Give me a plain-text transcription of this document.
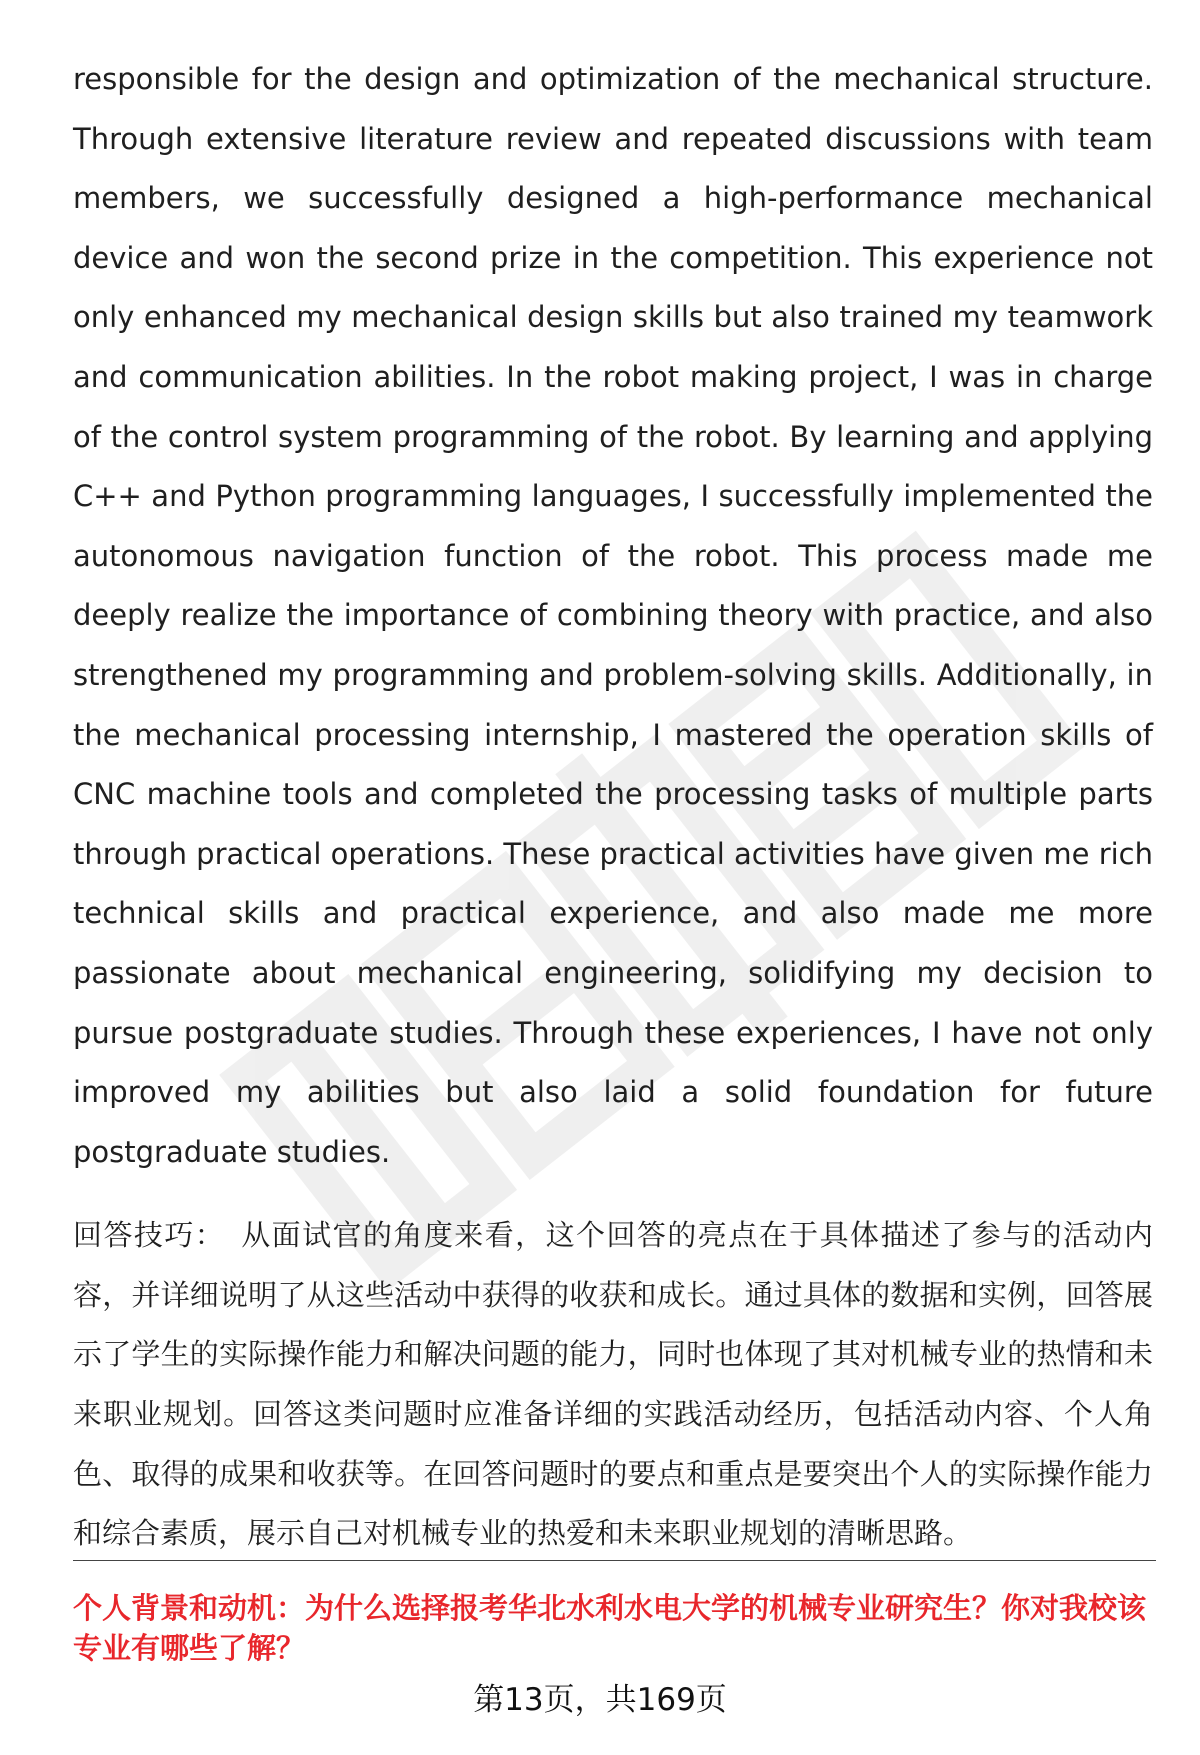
responsible for the design and optimization of the mechanical structure. Through extensive literature review and repeated discussions with team members, we successfully designed a high-performance mechanical device and won the second prize in the competition. This experience not only enhanced my mechanical design skills but also trained my teamwork and communication abilities. In the robot making project, I was in charge of the control system programming of the robot. By learning and applying C++ and Python programming languages, I successfully implemented the autonomous navigation function of the robot. This process made me deeply realize the importance of combining theory with practice, and also strengthened my programming and problem-solving skills. Additionally, in the mechanical processing internship, I mastered the operation skills of CNC machine tools and completed the processing tasks of multiple parts through practical operations. These practical activities have given me rich technical skills and practical experience, and also made me more passionate about mechanical engineering, solidifying my decision to pursue postgraduate studies. Through these experiences, I have not only improved my abilities but also laid a solid foundation for future postgraduate studies.

回答技巧： 从面试官的角度来看，这个回答的亮点在于具体描述了参与的活动内容，并详细说明了从这些活动中获得的收获和成长。通过具体的数据和实例，回答展示了学生的实际操作能力和解决问题的能力，同时也体现了其对机械专业的热情和未来职业规划。回答这类问题时应准备详细的实践活动经历，包括活动内容、个人角色、取得的成果和收获等。在回答问题时的要点和重点是要突出个人的实际操作能力和综合素质，展示自己对机械专业的热爱和未来职业规划的清晰思路。

个人背景和动机：为什么选择报考华北水利水电大学的机械专业研究生？你对我校该专业有哪些了解？

第13页，共169页
